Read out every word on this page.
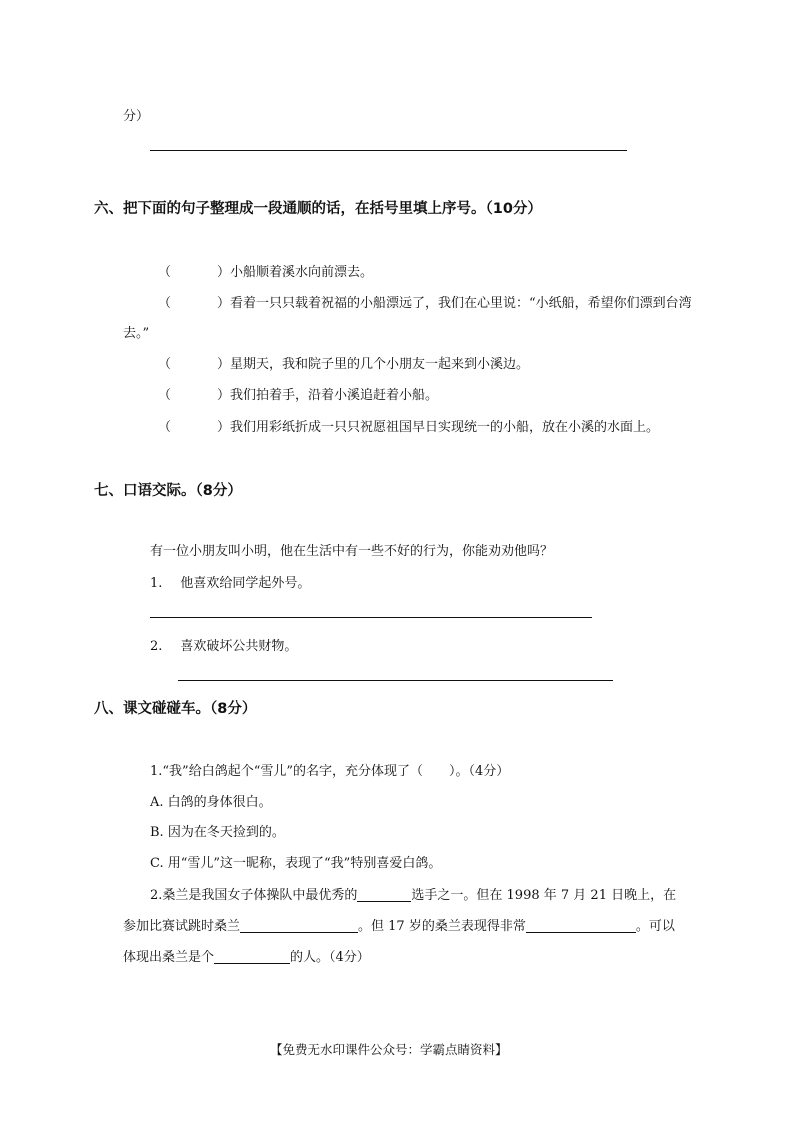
分）
六、把下面的句子整理成一段通顺的话，在括号里填上序号。（10分）
（	）小船顺着溪水向前漂去。
（	）看着一只只载着祝福的小船漂远了，我们在心里说：“小纸船，希望你们漂到台湾
去。”
（	）星期天，我和院子里的几个小朋友一起来到小溪边。
（	）我们拍着手，沿着小溪追赶着小船。
（	）我们用彩纸折成一只只祝愿祖国早日实现统一的小船，放在小溪的水面上。
七、口语交际。（8分）
有一位小朋友叫小明，他在生活中有一些不好的行为，你能劝劝他吗？
1. 他喜欢给同学起外号。
2. 喜欢破坏公共财物。
八、课文碰碰车。（8分）
1.“我”给白鸽起个“雪儿”的名字，充分体现了（　　）。（4分）
A. 白鸽的身体很白。
B. 因为在冬天捡到的。
C. 用“雪儿”这一昵称，表现了“我”特别喜爱白鸽。
2.桑兰是我国女子体操队中最优秀的	选手之一。但在 1998 年 7 月 21 日晚上，在
参加比赛试跳时桑兰	。但 17 岁的桑兰表现得非常	。可以
体现出桑兰是个	的人。（4分）
【免费无水印课件公众号：学霸点睛资料】
